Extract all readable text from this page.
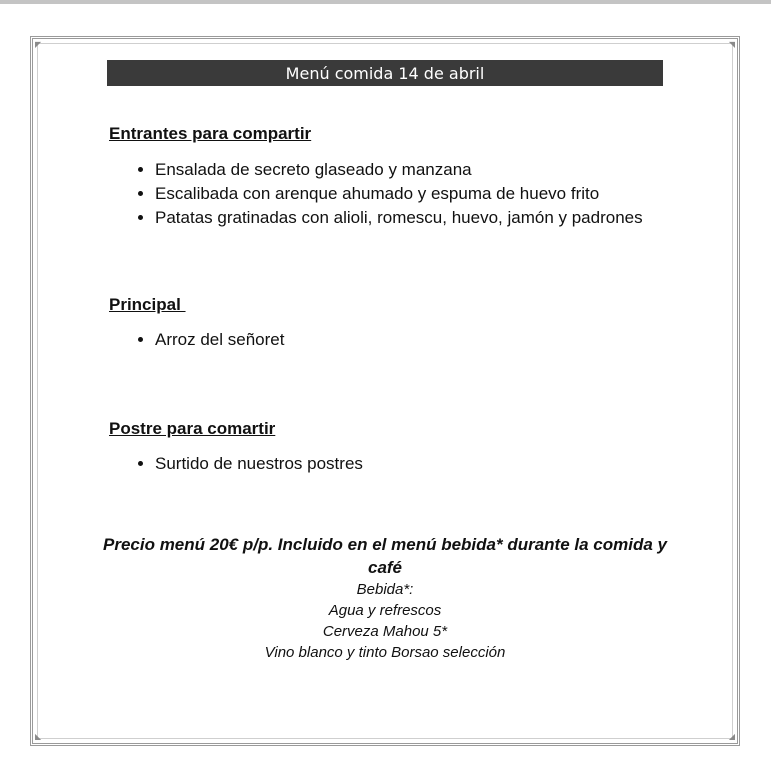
◤	◥
◣	◢
Menú comida 14 de abril
Entrantes para compartir
• Ensalada de secreto glaseado y manzana
• Escalibada con arenque ahumado y espuma de huevo frito
• Patatas gratinadas con alioli, romescu, huevo, jamón y padrones
Principal
• Arroz del señoret
Postre para comartir
• Surtido de nuestros postres

Precio menú 20€ p/p. Incluido en el menú bebida* durante la comida y café

Bebida*:

Agua y refrescos

Cerveza Mahou 5*

Vino blanco y tinto Borsao selección
